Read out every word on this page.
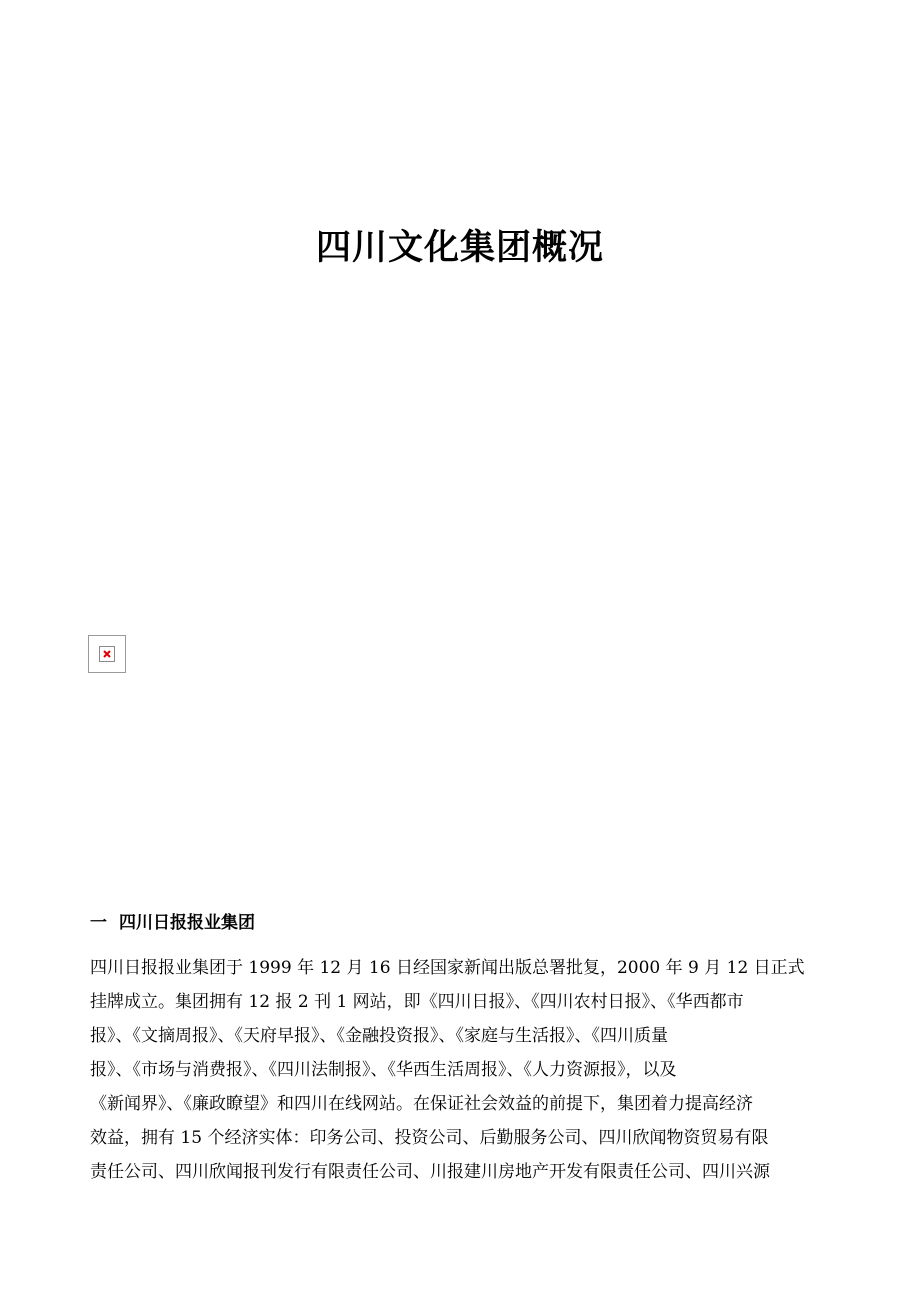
四川文化集团概况
一 四川日报报业集团
四川日报报业集团于 1999 年 12 月 16 日经国家新闻出版总署批复，2000 年 9 月 12 日正式
挂牌成立。集团拥有 12 报 2 刊 1 网站，即《四川日报》、《四川农村日报》、《华西都市
报》、《文摘周报》、《天府早报》、《金融投资报》、《家庭与生活报》、《四川质量
报》、《市场与消费报》、《四川法制报》、《华西生活周报》、《人力资源报》，以及
《新闻界》、《廉政瞭望》和四川在线网站。在保证社会效益的前提下，集团着力提高经济
效益，拥有 15 个经济实体：印务公司、投资公司、后勤服务公司、四川欣闻物资贸易有限
责任公司、四川欣闻报刊发行有限责任公司、川报建川房地产开发有限责任公司、四川兴源
